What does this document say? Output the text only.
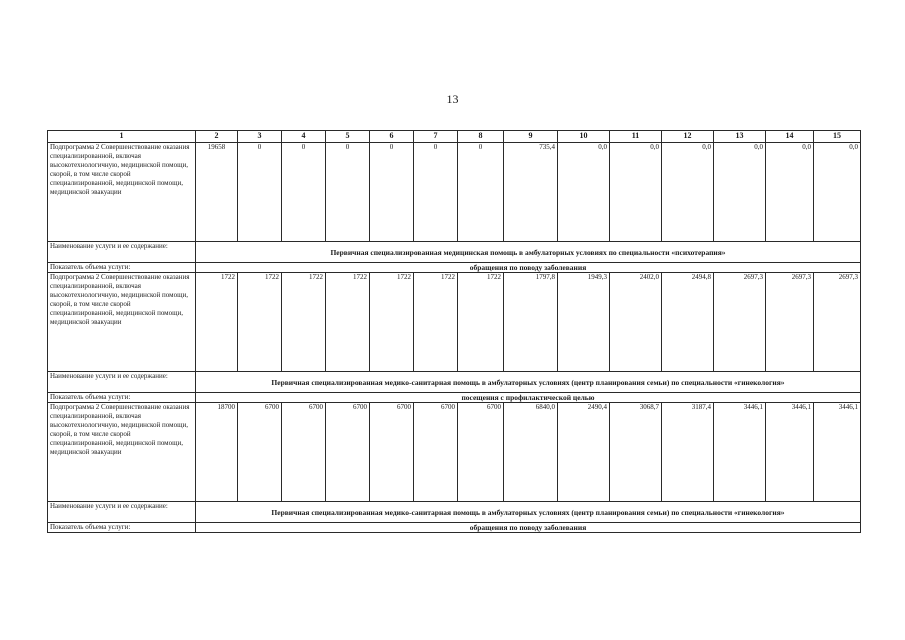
13
1	2	3	4	5	6	7	8	9	10	11	12	13	14	15
Подпрограмма 2 Совершенствование оказания специализированной, включая высокотехнологичную, медицинской помощи, скорой, в том числе скорой специализированной, медицинской помощи, медицинской эвакуации	19658	0	0	0	0	0	0	735,4	0,0	0,0	0,0	0,0	0,0	0,0
Наименование услуги и ее содержание:	Первичная специализированная медицинская помощь в амбулаторных условиях по специальности «психотерапия»													
Показатель объема услуги:	обращения по поводу заболевания													
Подпрограмма 2 Совершенствование оказания специализированной, включая высокотехнологичную, медицинской помощи, скорой, в том числе скорой специализированной, медицинской помощи, медицинской эвакуации	1722	1722	1722	1722	1722	1722	1722	1797,8	1949,3	2402,0	2494,8	2697,3	2697,3	2697,3
Наименование услуги и ее содержание:	Первичная специализированная медико-санитарная помощь в амбулаторных условиях (центр планирования семьи) по специальности «гинекология»													
Показатель объема услуги:	посещения с профилактической целью													
Подпрограмма 2 Совершенствование оказания специализированной, включая высокотехнологичную, медицинской помощи, скорой, в том числе скорой специализированной, медицинской помощи, медицинской эвакуации	18700	6700	6700	6700	6700	6700	6700	6840,0	2490,4	3068,7	3187,4	3446,1	3446,1	3446,1
Наименование услуги и ее содержание:	Первичная специализированная медико-санитарная помощь в амбулаторных условиях (центр планирования семьи) по специальности «гинекология»													
Показатель объема услуги:	обращения по поводу заболевания													
